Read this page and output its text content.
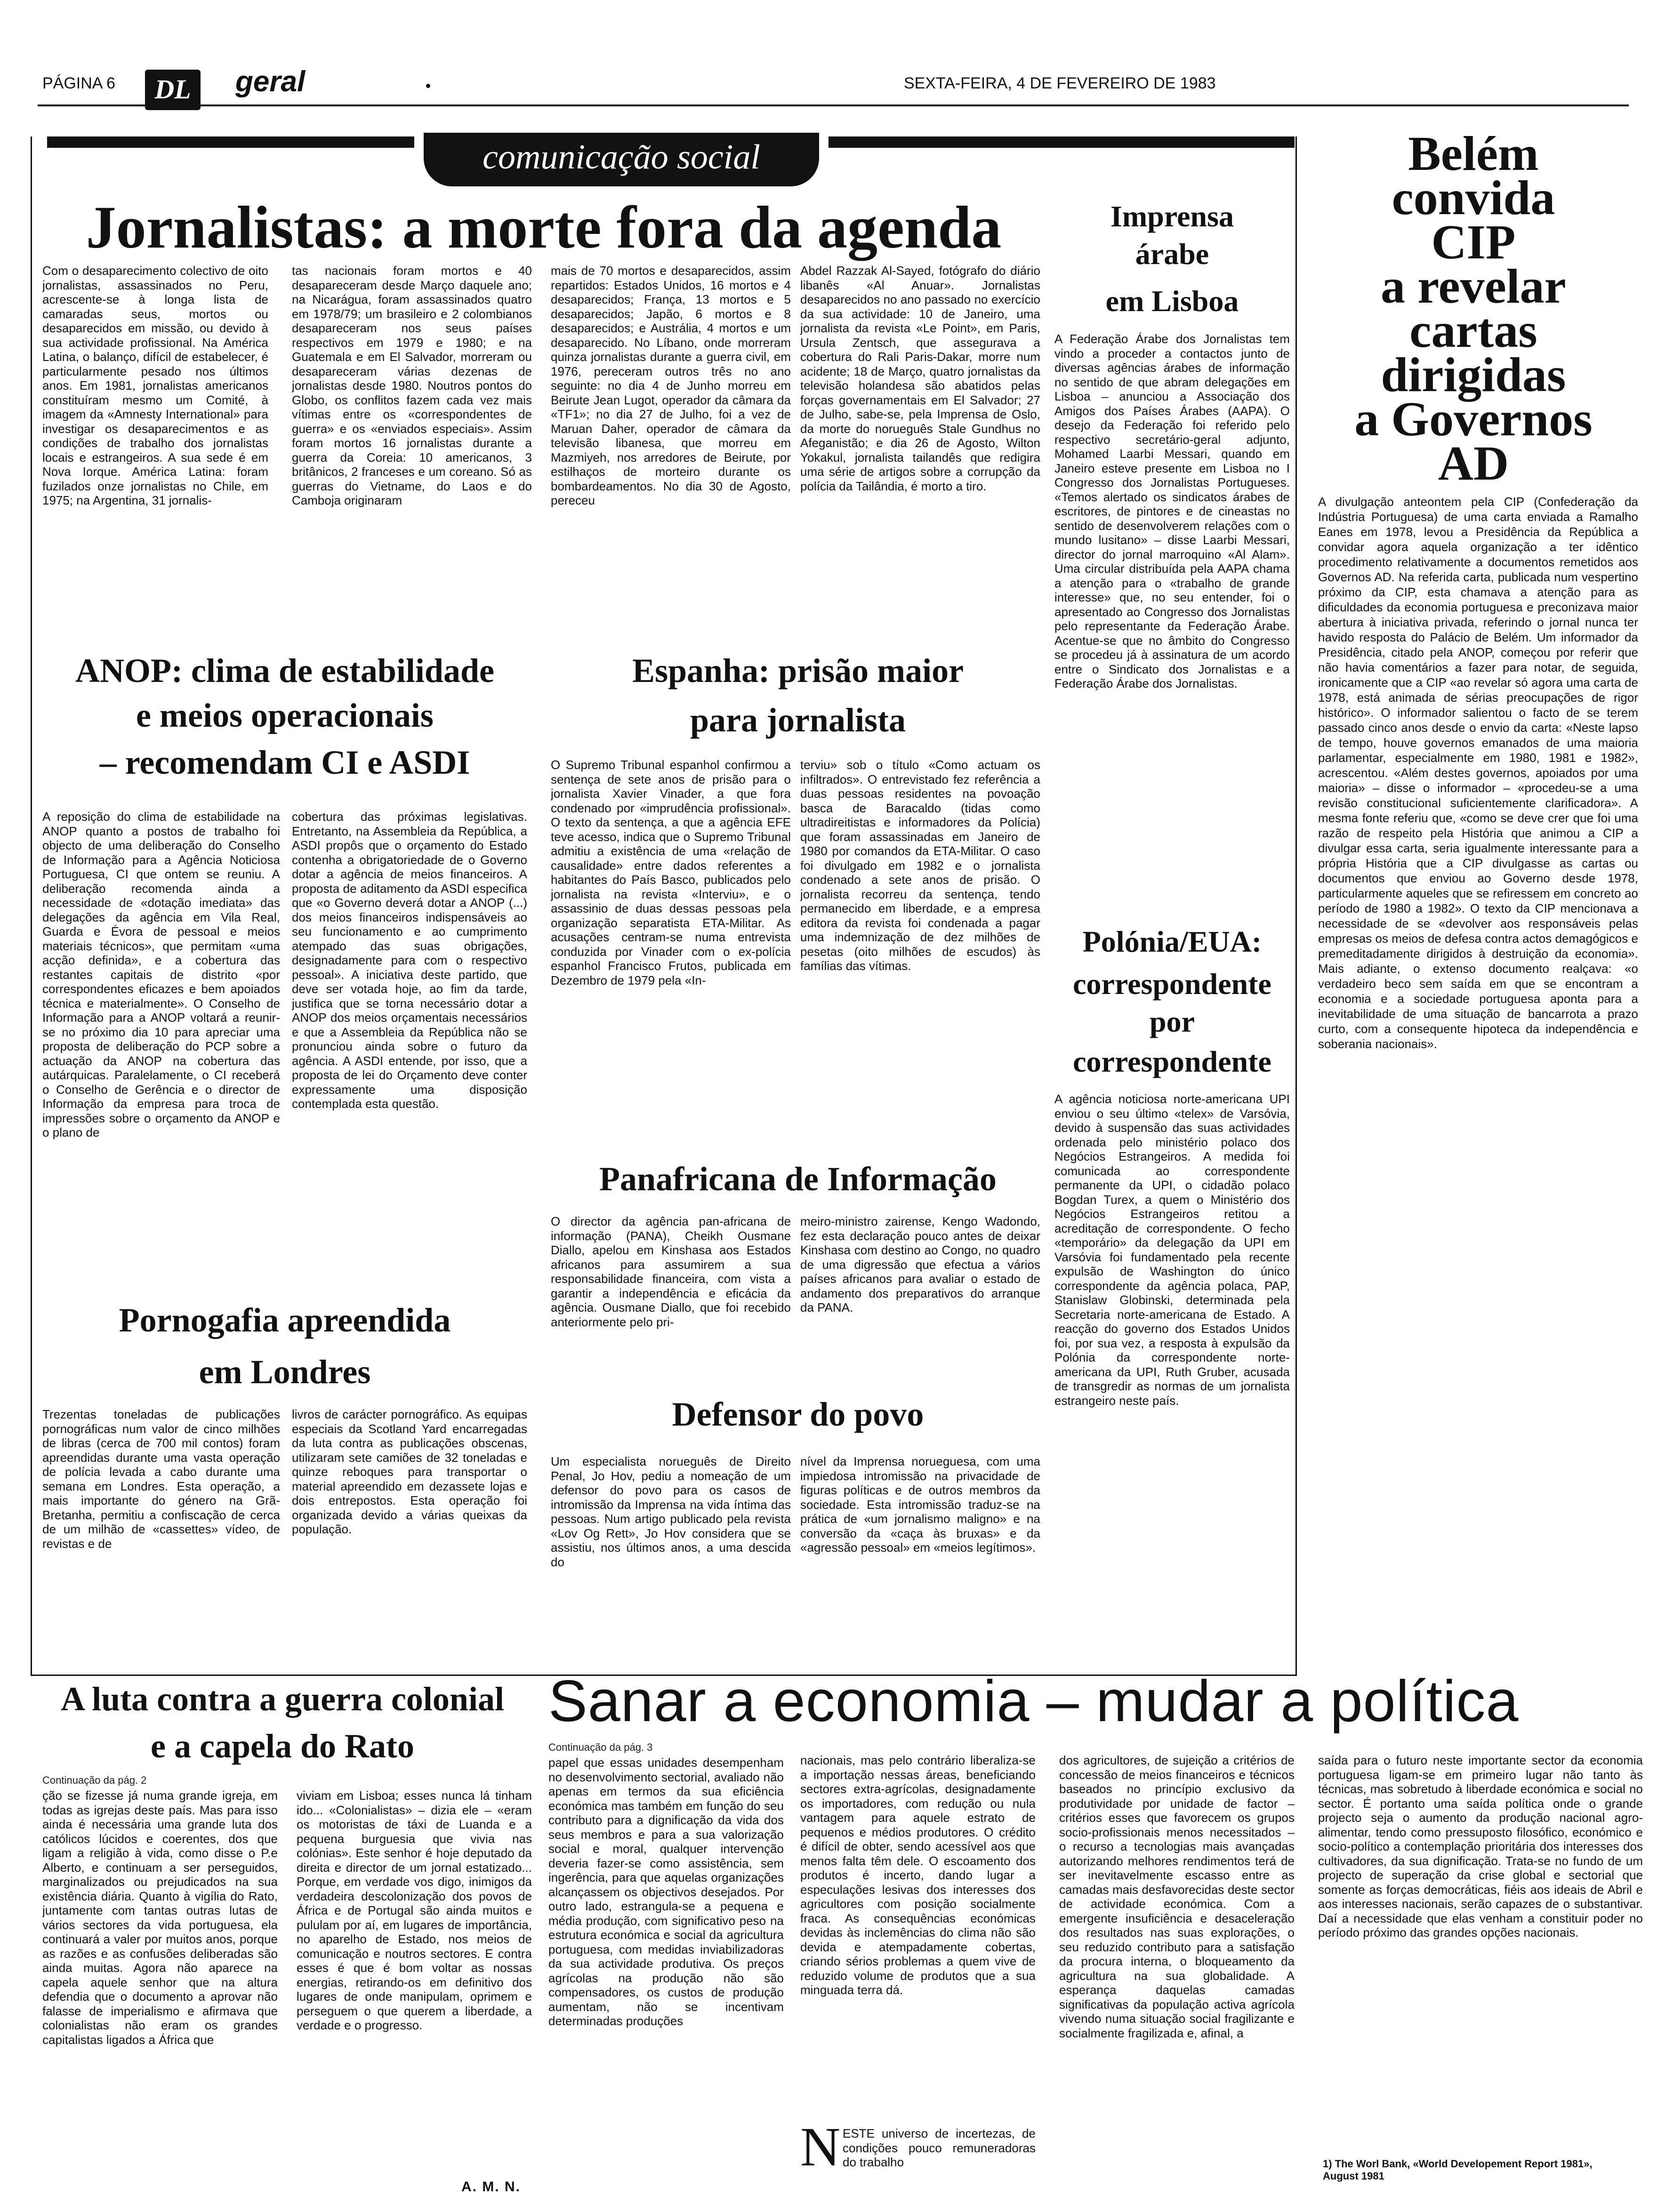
PÁGINA 6	DL	geral	SEXTA-FEIRA, 4 DE FEVEREIRO DE 1983
comunicação social
Jornalistas: a morte fora da agenda
Com o desaparecimento colectivo de oito jornalistas, assassinados no Peru, acrescente-se à longa lista de camaradas seus, mortos ou desaparecidos em missão, ou devido à sua actividade profissional. Na América Latina, o balanço, difícil de estabelecer, é particularmente pesado nos últimos anos. Em 1981, jornalistas americanos constituíram mesmo um Comité, à imagem da «Amnesty International» para investigar os desaparecimentos e as condições de trabalho dos jornalistas locais e estrangeiros. A sua sede é em Nova Iorque. América Latina: foram fuzilados onze jornalistas no Chile, em 1975; na Argentina, 31 jornalis-
tas nacionais foram mortos e 40 desapareceram desde Março daquele ano; na Nicarágua, foram assassinados quatro em 1978/79; um brasileiro e 2 colombianos desapareceram nos seus países respectivos em 1979 e 1980; e na Guatemala e em El Salvador, morreram ou desapareceram várias dezenas de jornalistas desde 1980. Noutros pontos do Globo, os conflitos fazem cada vez mais vítimas entre os «correspondentes de guerra» e os «enviados especiais». Assim foram mortos 16 jornalistas durante a guerra da Coreia: 10 americanos, 3 britânicos, 2 franceses e um coreano. Só as guerras do Vietname, do Laos e do Camboja originaram
mais de 70 mortos e desaparecidos, assim repartidos: Estados Unidos, 16 mortos e 4 desaparecidos; França, 13 mortos e 5 desaparecidos; Japão, 6 mortos e 8 desaparecidos; e Austrália, 4 mortos e um desaparecido. No Líbano, onde morreram quinza jornalistas durante a guerra civil, em 1976, pereceram outros três no ano seguinte: no dia 4 de Junho morreu em Beirute Jean Lugot, operador da câmara da «TF1»; no dia 27 de Julho, foi a vez de Maruan Daher, operador de câmara da televisão libanesa, que morreu em Mazmiyeh, nos arredores de Beirute, por estilhaços de morteiro durante os bombardeamentos. No dia 30 de Agosto, pereceu
Abdel Razzak Al-Sayed, fotógrafo do diário libanês «Al Anuar». Jornalistas desaparecidos no ano passado no exercício da sua actividade: 10 de Janeiro, uma jornalista da revista «Le Point», em Paris, Ursula Zentsch, que assegurava a cobertura do Rali Paris-Dakar, morre num acidente; 18 de Março, quatro jornalistas da televisão holandesa são abatidos pelas forças governamentais em El Salvador; 27 de Julho, sabe-se, pela Imprensa de Oslo, da morte do norueguês Stale Gundhus no Afeganistão; e dia 26 de Agosto, Wilton Yokakul, jornalista tailandês que redigira uma série de artigos sobre a corrupção da polícia da Tailândia, é morto a tiro.
ANOP: clima de estabilidade
e meios operacionais
– recomendam CI e ASDI
A reposição do clima de estabilidade na ANOP quanto a postos de trabalho foi objecto de uma deliberação do Conselho de Informação para a Agência Noticiosa Portuguesa, CI que ontem se reuniu. A deliberação recomenda ainda a necessidade de «dotação imediata» das delegações da agência em Vila Real, Guarda e Évora de pessoal e meios materiais técnicos», que permitam «uma acção definida», e a cobertura das restantes capitais de distrito «por correspondentes eficazes e bem apoiados técnica e materialmente». O Conselho de Informação para a ANOP voltará a reunir-se no próximo dia 10 para apreciar uma proposta de deliberação do PCP sobre a actuação da ANOP na cobertura das autárquicas. Paralelamente, o CI receberá o Conselho de Gerência e o director de Informação da empresa para troca de impressões sobre o orçamento da ANOP e o plano de
cobertura das próximas legislativas. Entretanto, na Assembleia da República, a ASDI propôs que o orçamento do Estado contenha a obrigatoriedade de o Governo dotar a agência de meios financeiros. A proposta de aditamento da ASDI especifica que «o Governo deverá dotar a ANOP (...) dos meios financeiros indispensáveis ao seu funcionamento e ao cumprimento atempado das suas obrigações, designadamente para com o respectivo pessoal». A iniciativa deste partido, que deve ser votada hoje, ao fim da tarde, justifica que se torna necessário dotar a ANOP dos meios orçamentais necessários e que a Assembleia da República não se pronunciou ainda sobre o futuro da agência. A ASDI entende, por isso, que a proposta de lei do Orçamento deve conter expressamente uma disposição contemplada esta questão.
Espanha: prisão maior
para jornalista
O Supremo Tribunal espanhol confirmou a sentença de sete anos de prisão para o jornalista Xavier Vinader, a que fora condenado por «imprudência profissional». O texto da sentença, a que a agência EFE teve acesso, indica que o Supremo Tribunal admitiu a existência de uma «relação de causalidade» entre dados referentes a habitantes do País Basco, publicados pelo jornalista na revista «Interviu», e o assassinio de duas dessas pessoas pela organização separatista ETA-Militar. As acusações centram-se numa entrevista conduzida por Vinader com o ex-polícia espanhol Francisco Frutos, publicada em Dezembro de 1979 pela «In-
terviu» sob o título «Como actuam os infiltrados». O entrevistado fez referência a duas pessoas residentes na povoação basca de Baracaldo (tidas como ultradireitistas e informadores da Polícia) que foram assassinadas em Janeiro de 1980 por comandos da ETA-Militar. O caso foi divulgado em 1982 e o jornalista condenado a sete anos de prisão. O jornalista recorreu da sentença, tendo permanecido em liberdade, e a empresa editora da revista foi condenada a pagar uma indemnização de dez milhões de pesetas (oito milhões de escudos) às famílias das vítimas.
Panafricana de Informação
O director da agência pan-africana de informação (PANA), Cheikh Ousmane Diallo, apelou em Kinshasa aos Estados africanos para assumirem a sua responsabilidade financeira, com vista a garantir a independência e eficácia da agência. Ousmane Diallo, que foi recebido anteriormente pelo pri-
meiro-ministro zairense, Kengo Wadondo, fez esta declaração pouco antes de deixar Kinshasa com destino ao Congo, no quadro de uma digressão que efectua a vários países africanos para avaliar o estado de andamento dos preparativos do arranque da PANA.
Pornogafia apreendida
em Londres
Trezentas toneladas de publicações pornográficas num valor de cinco milhões de libras (cerca de 700 mil contos) foram apreendidas durante uma vasta operação de polícia levada a cabo durante uma semana em Londres. Esta operação, a mais importante do género na Grã-Bretanha, permitiu a confiscação de cerca de um milhão de «cassettes» vídeo, de revistas e de
livros de carácter pornográfico. As equipas especiais da Scotland Yard encarregadas da luta contra as publicações obscenas, utilizaram sete camiões de 32 toneladas e quinze reboques para transportar o material apreendido em dezassete lojas e dois entrepostos. Esta operação foi organizada devido a várias queixas da população.
Defensor do povo
Um especialista norueguês de Direito Penal, Jo Hov, pediu a nomeação de um defensor do povo para os casos de intromissão da Imprensa na vida íntima das pessoas. Num artigo publicado pela revista «Lov Og Rett», Jo Hov considera que se assistiu, nos últimos anos, a uma descida do
nível da Imprensa norueguesa, com uma impiedosa intromissão na privacidade de figuras políticas e de outros membros da sociedade. Esta intromissão traduz-se na prática de «um jornalismo maligno» e na conversão da «caça às bruxas» e da «agressão pessoal» em «meios legítimos».
Imprensa
árabe
em Lisboa
A Federação Árabe dos Jornalistas tem vindo a proceder a contactos junto de diversas agências árabes de informação no sentido de que abram delegações em Lisboa – anunciou a Associação dos Amigos dos Países Árabes (AAPA). O desejo da Federação foi referido pelo respectivo secretário-geral adjunto, Mohamed Laarbi Messari, quando em Janeiro esteve presente em Lisboa no I Congresso dos Jornalistas Portugueses. «Temos alertado os sindicatos árabes de escritores, de pintores e de cineastas no sentido de desenvolverem relações com o mundo lusitano» – disse Laarbi Messari, director do jornal marroquino «Al Alam». Uma circular distribuída pela AAPA chama a atenção para o «trabalho de grande interesse» que, no seu entender, foi o apresentado ao Congresso dos Jornalistas pelo representante da Federação Árabe. Acentue-se que no âmbito do Congresso se procedeu já à assinatura de um acordo entre o Sindicato dos Jornalistas e a Federação Árabe dos Jornalistas.
Polónia/EUA:
correspondente
por
correspondente
A agência noticiosa norte-americana UPI enviou o seu último «telex» de Varsóvia, devido à suspensão das suas actividades ordenada pelo ministério polaco dos Negócios Estrangeiros. A medida foi comunicada ao correspondente permanente da UPI, o cidadão polaco Bogdan Turex, a quem o Ministério dos Negócios Estrangeiros retitou a acreditação de correspondente. O fecho «temporário» da delegação da UPI em Varsóvia foi fundamentado pela recente expulsão de Washington do único correspondente da agência polaca, PAP, Stanislaw Globinski, determinada pela Secretaria norte-americana de Estado. A reacção do governo dos Estados Unidos foi, por sua vez, a resposta à expulsão da Polónia da correspondente norte-americana da UPI, Ruth Gruber, acusada de transgredir as normas de um jornalista estrangeiro neste país.
Belém
convida
CIP
a revelar
cartas
dirigidas
a Governos
AD
A divulgação anteontem pela CIP (Confederação da Indústria Portuguesa) de uma carta enviada a Ramalho Eanes em 1978, levou a Presidência da República a convidar agora aquela organização a ter idêntico procedimento relativamente a documentos remetidos aos Governos AD. Na referida carta, publicada num vespertino próximo da CIP, esta chamava a atenção para as dificuldades da economia portuguesa e preconizava maior abertura à iniciativa privada, referindo o jornal nunca ter havido resposta do Palácio de Belém. Um informador da Presidência, citado pela ANOP, começou por referir que não havia comentários a fazer para notar, de seguida, ironicamente que a CIP «ao revelar só agora uma carta de 1978, está animada de sérias preocupações de rigor histórico». O informador salientou o facto de se terem passado cinco anos desde o envio da carta: «Neste lapso de tempo, houve governos emanados de uma maioria parlamentar, especialmente em 1980, 1981 e 1982», acrescentou. «Além destes governos, apoiados por uma maioria» – disse o informador – «procedeu-se a uma revisão constitucional suficientemente clarificadora». A mesma fonte referiu que, «como se deve crer que foi uma razão de respeito pela História que animou a CIP a divulgar essa carta, seria igualmente interessante para a própria História que a CIP divulgasse as cartas ou documentos que enviou ao Governo desde 1978, particularmente aqueles que se refiressem em concreto ao período de 1980 a 1982». O texto da CIP mencionava a necessidade de se «devolver aos responsáveis pelas empresas os meios de defesa contra actos demagógicos e premeditadamente dirigidos à destruição da economia». Mais adiante, o extenso documento realçava: «o verdadeiro beco sem saída em que se encontram a economia e a sociedade portuguesa aponta para a inevitabilidade de uma situação de bancarrota a prazo curto, com a consequente hipoteca da independência e soberania nacionais».
A luta contra a guerra colonial
e a capela do Rato
Continuação da pág. 2
ção se fizesse já numa grande igreja, em todas as igrejas deste país. Mas para isso ainda é necessária uma grande luta dos católicos lúcidos e coerentes, dos que ligam a religião à vida, como disse o P.e Alberto, e continuam a ser perseguidos, marginalizados ou prejudicados na sua existência diária. Quanto à vigília do Rato, juntamente com tantas outras lutas de vários sectores da vida portuguesa, ela continuará a valer por muitos anos, porque as razões e as confusões deliberadas são ainda muitas. Agora não aparece na capela aquele senhor que na altura defendia que o documento a aprovar não falasse de imperialismo e afirmava que colonialistas não eram os grandes capitalistas ligados a África que
viviam em Lisboa; esses nunca lá tinham ido... «Colonialistas» – dizia ele – «eram os motoristas de táxi de Luanda e a pequena burguesia que vivia nas colónias». Este senhor é hoje deputado da direita e director de um jornal estatizado... Porque, em verdade vos digo, inimigos da verdadeira descolonização dos povos de África e de Portugal são ainda muitos e pululam por aí, em lugares de importância, no aparelho de Estado, nos meios de comunicação e noutros sectores. E contra esses é que é bom voltar as nossas energias, retirando-os em definitivo dos lugares de onde manipulam, oprimem e perseguem o que querem a liberdade, a verdade e o progresso.
A. M. N.
Sanar a economia – mudar a política
Continuação da pág. 3
papel que essas unidades desempenham no desenvolvimento sectorial, avaliado não apenas em termos da sua eficiência económica mas também em função do seu contributo para a dignificação da vida dos seus membros e para a sua valorização social e moral, qualquer intervenção deveria fazer-se como assistência, sem ingerência, para que aquelas organizações alcançassem os objectivos desejados. Por outro lado, estrangula-se a pequena e média produção, com significativo peso na estrutura económica e social da agricultura portuguesa, com medidas inviabilizadoras da sua actividade produtiva. Os preços agrícolas na produção não são compensadores, os custos de produção aumentam, não se incentivam determinadas produções
nacionais, mas pelo contrário liberaliza-se a importação nessas áreas, beneficiando sectores extra-agrícolas, designadamente os importadores, com redução ou nula vantagem para aquele estrato de pequenos e médios produtores. O crédito é difícil de obter, sendo acessível aos que menos falta têm dele. O escoamento dos produtos é incerto, dando lugar a especulações lesivas dos interesses dos agricultores com posição socialmente fraca. As consequências económicas devidas às inclemências do clima não são devida e atempadamente cobertas, criando sérios problemas a quem vive de reduzido volume de produtos que a sua minguada terra dá.
N ESTE universo de incertezas, de condições pouco remuneradoras do trabalho
dos agricultores, de sujeição a critérios de concessão de meios financeiros e técnicos baseados no princípio exclusivo da produtividade por unidade de factor – critérios esses que favorecem os grupos socio-profissionais menos necessitados – o recurso a tecnologias mais avançadas autorizando melhores rendimentos terá de ser inevitavelmente escasso entre as camadas mais desfavorecidas deste sector de actividade económica. Com a emergente insuficiência e desaceleração dos resultados nas suas explorações, o seu reduzido contributo para a satisfação da procura interna, o bloqueamento da agricultura na sua globalidade. A esperança daquelas camadas significativas da população activa agrícola vivendo numa situação social fragilizante e socialmente fragilizada e, afinal, a
saída para o futuro neste importante sector da economia portuguesa ligam-se em primeiro lugar não tanto às técnicas, mas sobretudo à liberdade económica e social no sector. É portanto uma saída política onde o grande projecto seja o aumento da produção nacional agro-alimentar, tendo como pressuposto filosófico, económico e socio-político a contemplação prioritária dos interesses dos cultivadores, da sua dignificação. Trata-se no fundo de um projecto de superação da crise global e sectorial que somente as forças democráticas, fiéis aos ideais de Abril e aos interesses nacionais, serão capazes de o substantivar. Daí a necessidade que elas venham a constituir poder no período próximo das grandes opções nacionais.
1) The Worl Bank, «World Developement Report 1981», August 1981
